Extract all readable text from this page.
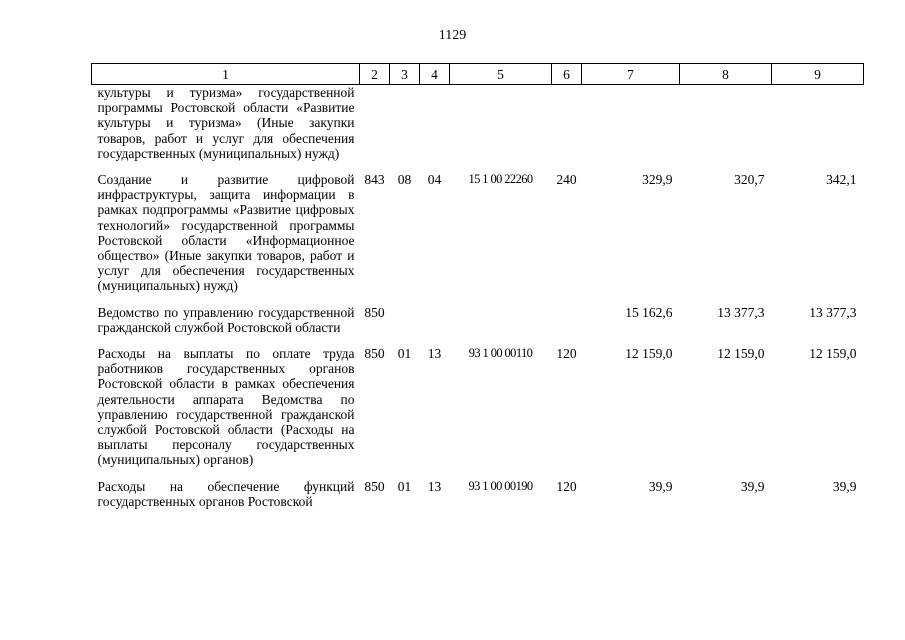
1129
1	2	3	4	5	6	7	8	9
культуры и туризма» государственной программы Ростовской области «Развитие культуры и туризма» (Иные закупки товаров, работ и услуг для обеспечения государственных (муниципальных) нужд)								
Создание и развитие цифровой инфраструктуры, защита информации в рамках подпрограммы «Развитие цифровых технологий» государственной программы Ростовской области «Информационное общество» (Иные закупки товаров, работ и услуг для обеспечения государственных (муниципальных) нужд)	843	08	04	15 1 00 22260	240	329,9	320,7	342,1
Ведомство по управлению государственной гражданской службой Ростовской области	850					15 162,6	13 377,3	13 377,3
Расходы на выплаты по оплате труда работников государственных органов Ростовской области в рамках обеспечения деятельности аппарата Ведомства по управлению государственной гражданской службой Ростовской области (Расходы на выплаты персоналу государственных (муниципальных) органов)	850	01	13	93 1 00 00110	120	12 159,0	12 159,0	12 159,0
Расходы на обеспечение функций государственных органов Ростовской	850	01	13	93 1 00 00190	120	39,9	39,9	39,9
